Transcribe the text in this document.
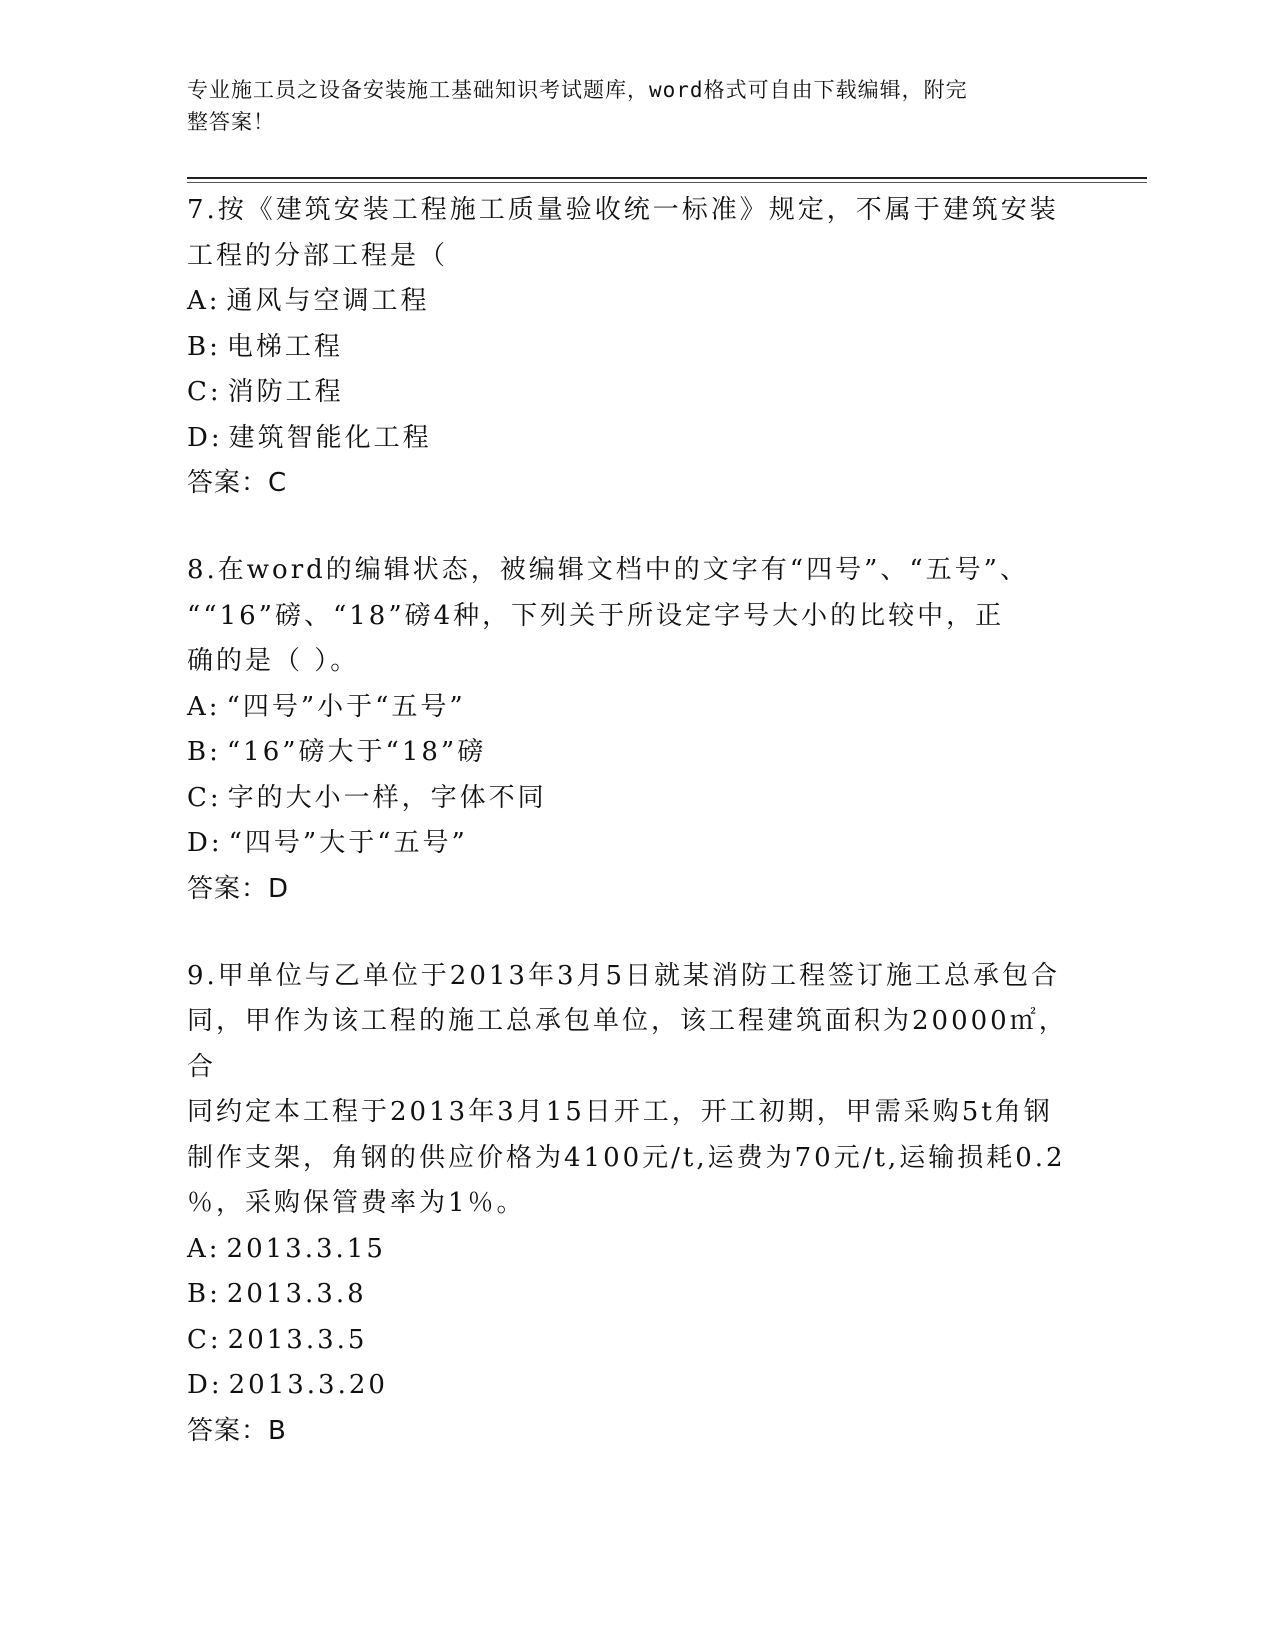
专业施工员之设备安装施工基础知识考试题库，word格式可自由下载编辑，附完
整答案！
7.按《建筑安装工程施工质量验收统一标准》规定，不属于建筑安装
工程的分部工程是（
A: 通风与空调工程
B: 电梯工程
C: 消防工程
D: 建筑智能化工程
答案：C
8.在word的编辑状态，被编辑文档中的文字有“四号”、“五号”、
““16”磅、“18”磅4种，下列关于所设定字号大小的比较中，正
确的是（ ）。
A: “四号”小于“五号”
B: “16”磅大于“18”磅
C: 字的大小一样，字体不同
D: “四号”大于“五号”
答案：D
9.甲单位与乙单位于2013年3月5日就某消防工程签订施工总承包合
同，甲作为该工程的施工总承包单位，该工程建筑面积为20000㎡，合
同约定本工程于2013年3月15日开工，开工初期，甲需采购5t角钢
制作支架，角钢的供应价格为4100元/t,运费为70元/t,运输损耗0.2
％，采购保管费率为1％。
A: 2013.3.15
B: 2013.3.8
C: 2013.3.5
D: 2013.3.20
答案：B
